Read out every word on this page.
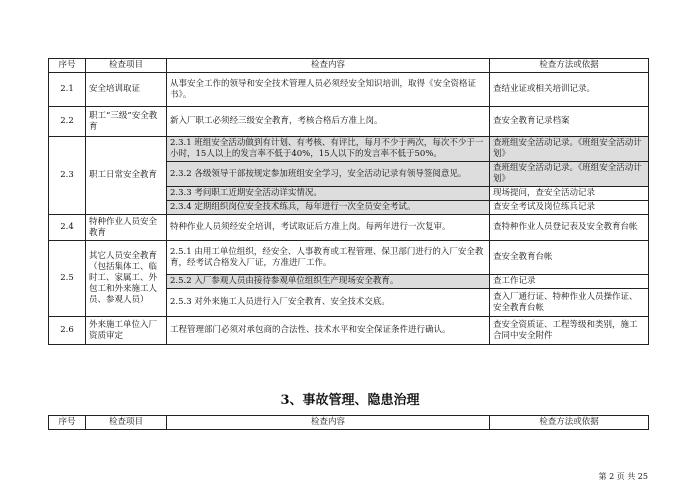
序号	检查项目	检查内容	检查方法或依据
2.1	安全培训取证	从事安全工作的领导和安全技术管理人员必须经安全知识培训，取得《安全资格证书》。	查结业证或相关培训记录。
2.2	职工“三级”安全教育	新入厂职工必须经三级安全教育，考核合格后方准上岗。	查安全教育记录档案
2.3	职工日常安全教育	2.3.1 班组安全活动做到有计划、有考核、有评比，每月不少于两次，每次不少于一小时，15人以上的发言率不低于40%，15人以下的发言率不低于50%。	查班组安全活动记录。《班组安全活动计划》
		2.3.2 各级领导干部按规定参加班组安全学习，安全活动记录有领导签阅意见。	查班组安全活动记录。《班组安全活动计划》
		2.3.3 考问职工近期安全活动详实情况。	现场提问，查安全活动记录
		2.3.4 定期组织岗位安全技术练兵，每年进行一次全员安全考试。	查安全考试及岗位练兵记录
2.4	特种作业人员安全教育	特种作业人员须经安全培训，考试取证后方准上岗。每两年进行一次复审。	查特种作业人员登记表及安全教育台帐
2.5	其它人员安全教育（包括集体工、临时工、家属工、外包工和外来施工人员、参观人员）	2.5.1 由用工单位组织，经安全、人事教育或工程管理、保卫部门进行的入厂安全教育，经考试合格发入厂证，方准进厂工作。	查安全教育台帐
		2.5.2 入厂参观人员由接待参观单位组织生产现场安全教育。	查工作记录
		2.5.3 对外来施工人员进行入厂安全教育、安全技术交底。	查入厂通行证、特种作业人员操作证、安全教育台帐
2.6	外来施工单位入厂资质审定	工程管理部门必须对承包商的合法性、技术水平和安全保证条件进行确认。	查安全资质证、工程等级和类别，施工合同中安全附件
3、事故管理、隐患治理
序号	检查项目	检查内容	检查方法或依据
第 2 页 共 25
